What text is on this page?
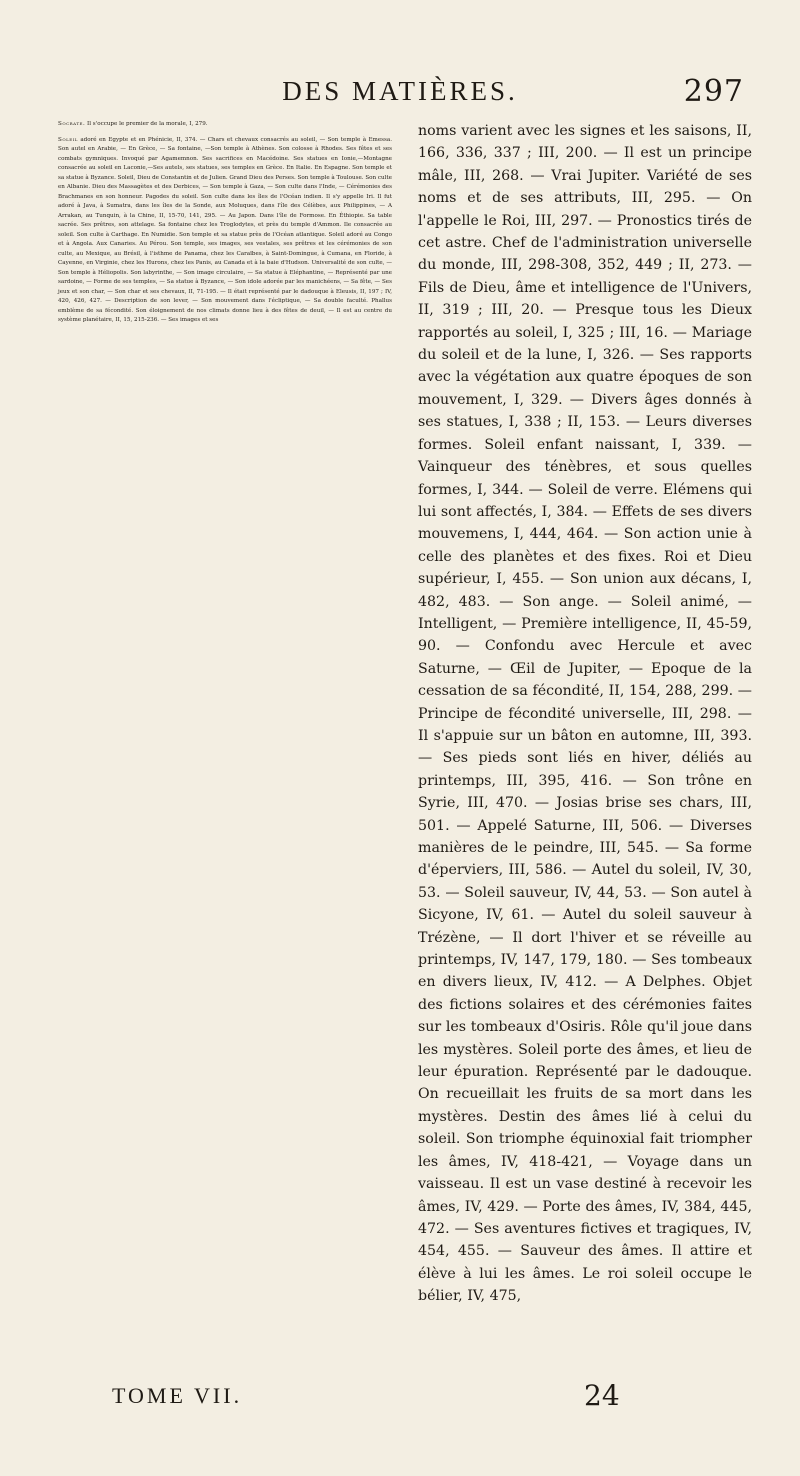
DES MATIÈRES.	297

Socrate. Il s'occupe le premier de la morale, I, 279.

Soleil adoré en Egypte et en Phénicie, II, 374. — Chars et chevaux consacrés au soleil, — Son temple à Emessa. Son autel en Arabie, — En Grèce, — Sa fontaine, —Son temple à Athènes. Son colosse à Rhodes. Ses fêtes et ses combats gymniques. Invoqué par Agamemnon. Ses sacrifices en Macédoine. Ses statues en Ionie,—Montagne consacrée au soleil en Laconie,—Ses autels, ses statues, ses temples en Grèce. En Italie. En Espagne. Son temple et sa statue à Byzance. Soleil, Dieu de Constantin et de Julien. Grand Dieu des Perses. Son temple à Toulouse. Son culte en Albanie. Dieu des Massagètes et des Derbices, — Son temple à Gaza, — Son culte dans l'Inde, — Cérémonies des Brachmanes en son honneur. Pagodes du soleil. Son culte dans les îles de l'Océan indien. Il s'y appelle Iri. Il fut adoré à Java, à Sumatra, dans les îles de la Sonde, aux Moluques, dans l'île des Célèbes, aux Philippines, — A Arrakan, au Tunquin, à la Chine, II, 15-70, 141, 295. — Au Japon. Dans l'île de Formose. En Éthiopie. Sa table sacrée. Ses prêtres, son attelage. Sa fontaine chez les Troglodytes, et près du temple d'Ammon. Ile consacrée au soleil. Son culte à Carthage. En Numidie. Son temple et sa statue près de l'Océan atlantique. Soleil adoré au Congo et à Angola. Aux Canaries. Au Pérou. Son temple, ses images, ses vestales, ses prêtres et les cérémonies de son culte, au Mexique, au Brésil, à l'isthme de Panama, chez les Caraïbes, à Saint-Domingue, à Cumana, en Floride, à Cayenne, en Virginie, chez les Hurons, chez les Panis, au Canada et à la baie d'Hudson. Universalité de son culte, — Son temple à Héliopolis. Son labyrinthe, — Son image circulaire, — Sa statue à Eléphantine, — Représenté par une sardoine, — Forme de ses temples, — Sa statue à Byzance, — Son idole adorée par les manichéens, — Sa fête, — Ses jeux et son char, — Son char et ses chevaux, II, 71-195. — Il était représenté par le dadouque à Eleusis, II, 197 ; IV, 420, 426, 427. — Description de son lever, — Son mouvement dans l'écliptique, — Sa double faculté. Phallus emblème de sa fécondité. Son éloignement de nos climats donne lieu à des fêtes de deuil, — Il est au centre du système planétaire, II, 15, 215-236. — Ses images et ses

noms varient avec les signes et les saisons, II, 166, 336, 337 ; III, 200. — Il est un principe mâle, III, 268. — Vrai Jupiter. Variété de ses noms et de ses attributs, III, 295. — On l'appelle le Roi, III, 297. — Pronostics tirés de cet astre. Chef de l'administration universelle du monde, III, 298-308, 352, 449 ; II, 273. — Fils de Dieu, âme et intelligence de l'Univers, II, 319 ; III, 20. — Presque tous les Dieux rapportés au soleil, I, 325 ; III, 16. — Mariage du soleil et de la lune, I, 326. — Ses rapports avec la végétation aux quatre époques de son mouvement, I, 329. — Divers âges donnés à ses statues, I, 338 ; II, 153. — Leurs diverses formes. Soleil enfant naissant, I, 339. — Vainqueur des ténèbres, et sous quelles formes, I, 344. — Soleil de verre. Elémens qui lui sont affectés, I, 384. — Effets de ses divers mouvemens, I, 444, 464. — Son action unie à celle des planètes et des fixes. Roi et Dieu supérieur, I, 455. — Son union aux décans, I, 482, 483. — Son ange. — Soleil animé, — Intelligent, — Première intelligence, II, 45-59, 90. — Confondu avec Hercule et avec Saturne, — Œil de Jupiter, — Epoque de la cessation de sa fécondité, II, 154, 288, 299. — Principe de fécondité universelle, III, 298. — Il s'appuie sur un bâton en automne, III, 393. — Ses pieds sont liés en hiver, déliés au printemps, III, 395, 416. — Son trône en Syrie, III, 470. — Josias brise ses chars, III, 501. — Appelé Saturne, III, 506. — Diverses manières de le peindre, III, 545. — Sa forme d'éperviers, III, 586. — Autel du soleil, IV, 30, 53. — Soleil sauveur, IV, 44, 53. — Son autel à Sicyone, IV, 61. — Autel du soleil sauveur à Trézène, — Il dort l'hiver et se réveille au printemps, IV, 147, 179, 180. — Ses tombeaux en divers lieux, IV, 412. — A Delphes. Objet des fictions solaires et des cérémonies faites sur les tombeaux d'Osiris. Rôle qu'il joue dans les mystères. Soleil porte des âmes, et lieu de leur épuration. Représenté par le dadouque. On recueillait les fruits de sa mort dans les mystères. Destin des âmes lié à celui du soleil. Son triomphe équinoxial fait triompher les âmes, IV, 418-421, — Voyage dans un vaisseau. Il est un vase destiné à recevoir les âmes, IV, 429. — Porte des âmes, IV, 384, 445, 472. — Ses aventures fictives et tragiques, IV, 454, 455. — Sauveur des âmes. Il attire et élève à lui les âmes. Le roi soleil occupe le bélier, IV, 475,

TOME VII.	24
